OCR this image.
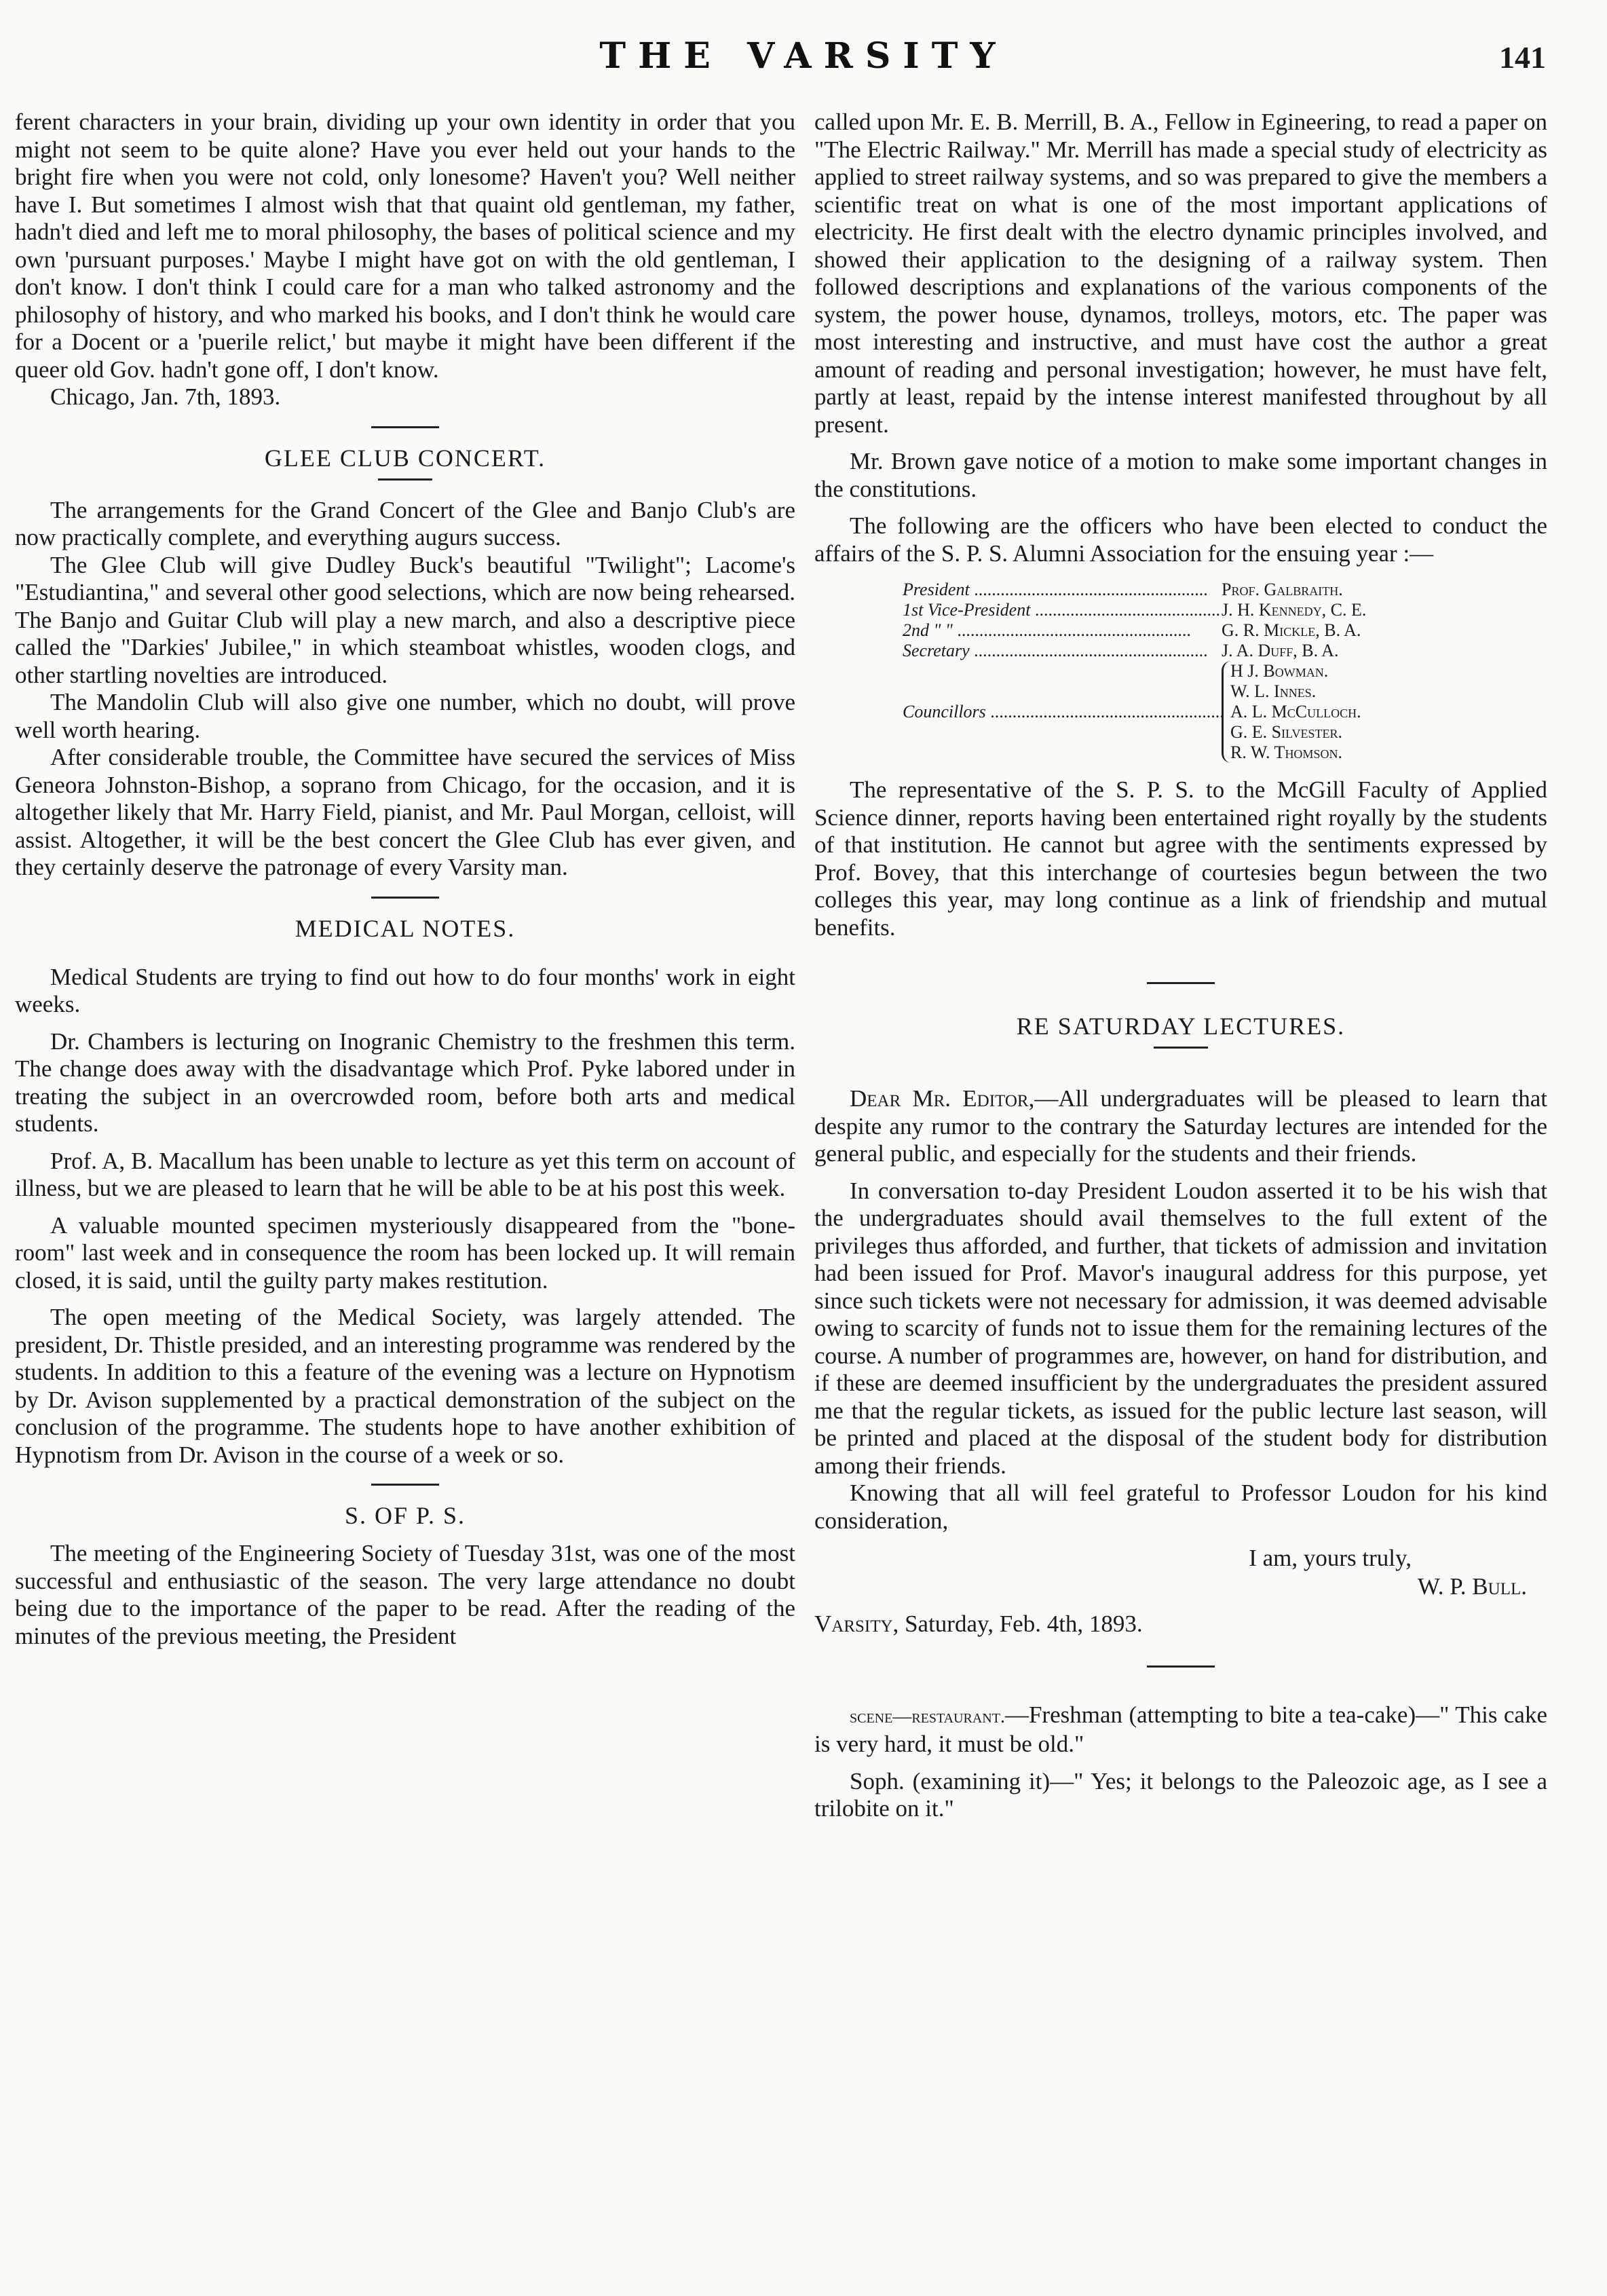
THE VARSITY	141

ferent characters in your brain, dividing up your own identity in order that you might not seem to be quite alone? Have you ever held out your hands to the bright fire when you were not cold, only lonesome? Haven't you? Well neither have I. But sometimes I almost wish that that quaint old gentleman, my father, hadn't died and left me to moral philosophy, the bases of political science and my own 'pursuant purposes.' Maybe I might have got on with the old gentleman, I don't know. I don't think I could care for a man who talked astronomy and the philosophy of history, and who marked his books, and I don't think he would care for a Docent or a 'puerile relict,' but maybe it might have been different if the queer old Gov. hadn't gone off, I don't know.

Chicago, Jan. 7th, 1893.

GLEE CLUB CONCERT.

The arrangements for the Grand Concert of the Glee and Banjo Club's are now practically complete, and everything augurs success.

The Glee Club will give Dudley Buck's beautiful "Twilight"; Lacome's "Estudiantina," and several other good selections, which are now being rehearsed. The Banjo and Guitar Club will play a new march, and also a descriptive piece called the "Darkies' Jubilee," in which steamboat whistles, wooden clogs, and other startling novelties are introduced.

The Mandolin Club will also give one number, which no doubt, will prove well worth hearing.

After considerable trouble, the Committee have secured the services of Miss Geneora Johnston-Bishop, a soprano from Chicago, for the occasion, and it is altogether likely that Mr. Harry Field, pianist, and Mr. Paul Morgan, celloist, will assist. Altogether, it will be the best concert the Glee Club has ever given, and they certainly deserve the patronage of every Varsity man.

MEDICAL NOTES.

Medical Students are trying to find out how to do four months' work in eight weeks.

Dr. Chambers is lecturing on Inogranic Chemistry to the freshmen this term. The change does away with the disadvantage which Prof. Pyke labored under in treating the subject in an overcrowded room, before both arts and medical students.

Prof. A, B. Macallum has been unable to lecture as yet this term on account of illness, but we are pleased to learn that he will be able to be at his post this week.

A valuable mounted specimen mysteriously disappeared from the "bone-room" last week and in consequence the room has been locked up. It will remain closed, it is said, until the guilty party makes restitution.

The open meeting of the Medical Society, was largely attended. The president, Dr. Thistle presided, and an interesting programme was rendered by the students. In addition to this a feature of the evening was a lecture on Hypnotism by Dr. Avison supplemented by a practical demonstration of the subject on the conclusion of the programme. The students hope to have another exhibition of Hypnotism from Dr. Avison in the course of a week or so.

S. OF P. S.

The meeting of the Engineering Society of Tuesday 31st, was one of the most successful and enthusiastic of the season. The very large attendance no doubt being due to the importance of the paper to be read. After the reading of the minutes of the previous meeting, the President

called upon Mr. E. B. Merrill, B. A., Fellow in Egineering, to read a paper on "The Electric Railway." Mr. Merrill has made a special study of electricity as applied to street railway systems, and so was prepared to give the members a scientific treat on what is one of the most important applications of electricity. He first dealt with the electro dynamic principles involved, and showed their application to the designing of a railway system. Then followed descriptions and explanations of the various components of the system, the power house, dynamos, trolleys, motors, etc. The paper was most interesting and instructive, and must have cost the author a great amount of reading and personal investigation; however, he must have felt, partly at least, repaid by the intense interest manifested throughout by all present.

Mr. Brown gave notice of a motion to make some important changes in the constitutions.

The following are the officers who have been elected to conduct the affairs of the S. P. S. Alumni Association for the ensuing year :—

President .....	Prof. Galbraith.
1st Vice-President .....	J. H. Kennedy, C. E.
2nd " " .....	G. R. Mickle, B. A.
Secretary .....	J. A. Duff, B. A.
Councillors .....
H J. Bowman.
W. L. Innes.
A. L. McCulloch.
G. E. Silvester.
R. W. Thomson.

The representative of the S. P. S. to the McGill Faculty of Applied Science dinner, reports having been entertained right royally by the students of that institution. He cannot but agree with the sentiments expressed by Prof. Bovey, that this interchange of courtesies begun between the two colleges this year, may long continue as a link of friendship and mutual benefits.

RE SATURDAY LECTURES.

Dear Mr. Editor,—All undergraduates will be pleased to learn that despite any rumor to the contrary the Saturday lectures are intended for the general public, and especially for the students and their friends.

In conversation to-day President Loudon asserted it to be his wish that the undergraduates should avail themselves to the full extent of the privileges thus afforded, and further, that tickets of admission and invitation had been issued for Prof. Mavor's inaugural address for this purpose, yet since such tickets were not necessary for admission, it was deemed advisable owing to scarcity of funds not to issue them for the remaining lectures of the course. A number of programmes are, however, on hand for distribution, and if these are deemed insufficient by the undergraduates the president assured me that the regular tickets, as issued for the public lecture last season, will be printed and placed at the disposal of the student body for distribution among their friends.

Knowing that all will feel grateful to Professor Loudon for his kind consideration,

I am, yours truly,
W. P. Bull.

Varsity, Saturday, Feb. 4th, 1893.

scene—restaurant.—Freshman (attempting to bite a tea-cake)—" This cake is very hard, it must be old."

Soph. (examining it)—" Yes; it belongs to the Paleozoic age, as I see a trilobite on it."
